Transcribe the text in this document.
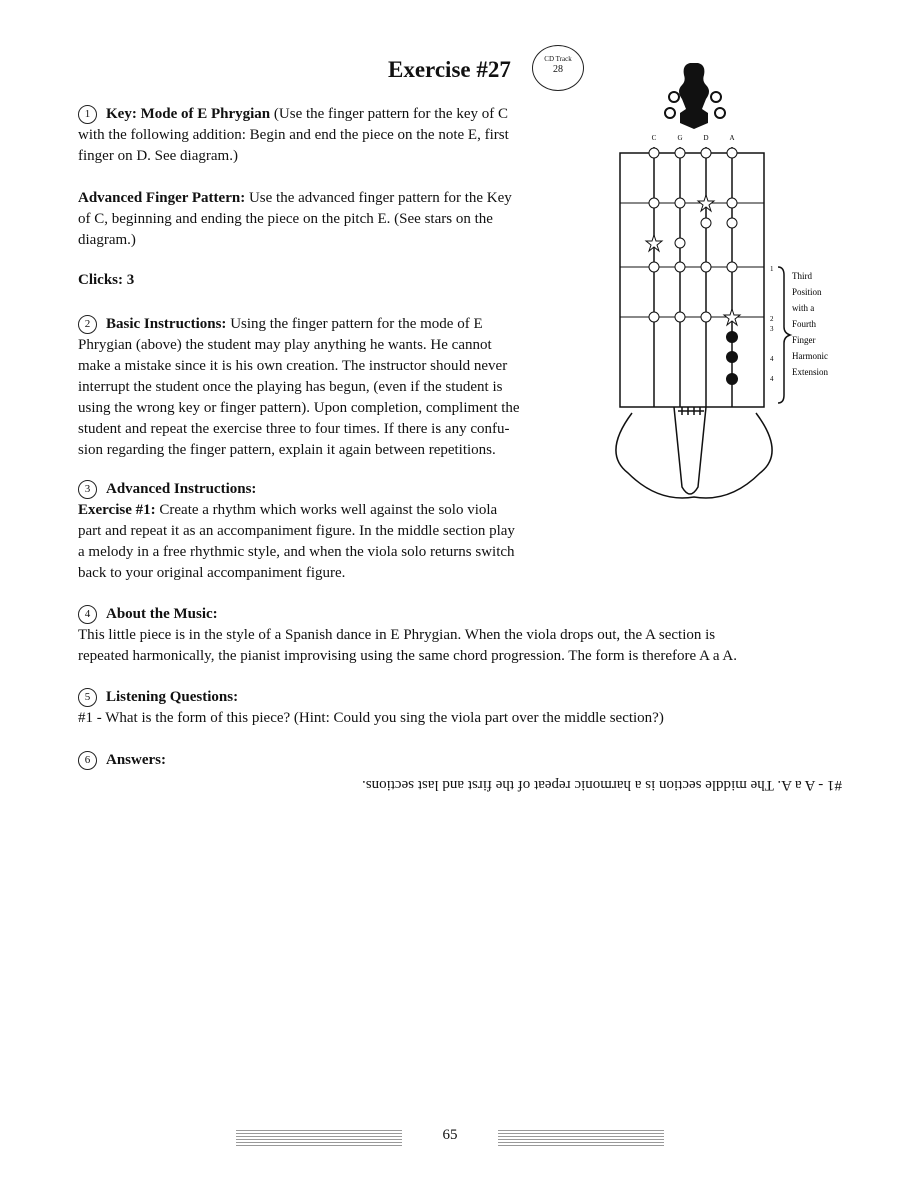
Exercise #27	CD Track
28
1 Key: Mode of E Phrygian (Use the finger pattern for the key of C
with the following addition: Begin and end the piece on the note E, first
finger on D. See diagram.)
Advanced Finger Pattern: Use the advanced finger pattern for the Key
of C, beginning and ending the piece on the pitch E. (See stars on the
diagram.)
Clicks: 3
2 Basic Instructions: Using the finger pattern for the mode of E
Phrygian (above) the student may play anything he wants. He cannot
make a mistake since it is his own creation. The instructor should never
interrupt the student once the playing has begun, (even if the student is
using the wrong key or finger pattern). Upon completion, compliment the
student and repeat the exercise three to four times. If there is any confu-
sion regarding the finger pattern, explain it again between repetitions.
3 Advanced Instructions:
Exercise #1: Create a rhythm which works well against the solo viola
part and repeat it as an accompaniment figure. In the middle section play
a melody in a free rhythmic style, and when the viola solo returns switch
back to your original accompaniment figure.
4 About the Music:
This little piece is in the style of a Spanish dance in E Phrygian. When the viola drops out, the A section is
repeated harmonically, the pianist improvising using the same chord progression. The form is therefore A a A.
5 Listening Questions:
#1 - What is the form of this piece? (Hint: Could you sing the viola part over the middle section?)
6 Answers:
#1 - A a A. The middle section is a harmonic repeat of the first and last sections.
C	G	D	A
1
2
3
4
4
Third
Position
with a
Fourth
Finger
Harmonic
Extension
65
